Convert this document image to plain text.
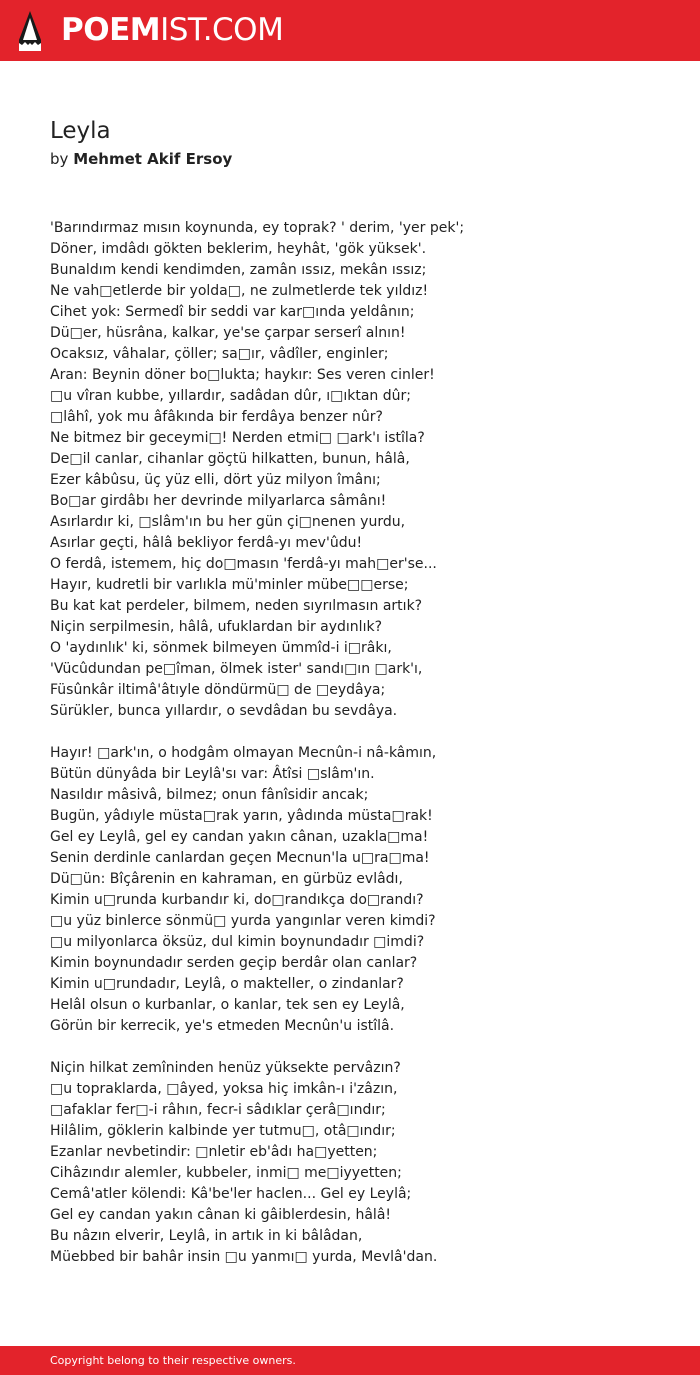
POEMIST.COM
Leyla
by Mehmet Akif Ersoy
'Barındırmaz mısın koynunda, ey toprak? ' derim, 'yer pek';
Döner, imdâdı gökten beklerim, heyhât, 'gök yüksek'.
Bunaldım kendi kendimden, zamân ıssız, mekân ıssız;
Ne vah□etlerde bir yolda□, ne zulmetlerde tek yıldız!
Cihet yok: Sermedî bir seddi var kar□ında yeldânın;
Dü□er, hüsrâna, kalkar, ye'se çarpar serserî alnın!
Ocaksız, vâhalar, çöller; sa□ır, vâdîler, enginler;
Aran: Beynin döner bo□lukta; haykır: Ses veren cinler!
□u vîran kubbe, yıllardır, sadâdan dûr, ı□ıktan dûr;
□lâhî, yok mu âfâkında bir ferdâya benzer nûr?
Ne bitmez bir geceymi□! Nerden etmi□ □ark'ı istîla?
De□il canlar, cihanlar göçtü hilkatten, bunun, hâlâ,
Ezer kâbûsu, üç yüz elli, dört yüz milyon îmânı;
Bo□ar girdâbı her devrinde milyarlarca sâmânı!
Asırlardır ki, □slâm'ın bu her gün çi□nenen yurdu,
Asırlar geçti, hâlâ bekliyor ferdâ-yı mev'ûdu!
O ferdâ, istemem, hiç do□masın 'ferdâ-yı mah□er'se...
Hayır, kudretli bir varlıkla mü'minler mübe□□erse;
Bu kat kat perdeler, bilmem, neden sıyrılmasın artık?
Niçin serpilmesin, hâlâ, ufuklardan bir aydınlık?
O 'aydınlık' ki, sönmek bilmeyen ümmîd-i i□râkı,
'Vücûdundan pe□îman, ölmek ister' sandı□ın □ark'ı,
Füsûnkâr iltimâ'âtıyle döndürmü□ de □eydâya;
Sürükler, bunca yıllardır, o sevdâdan bu sevdâya.
Hayır! □ark'ın, o hodgâm olmayan Mecnûn-i nâ-kâmın,
Bütün dünyâda bir Leylâ'sı var: Âtîsi □slâm'ın.
Nasıldır mâsivâ, bilmez; onun fânîsidir ancak;
Bugün, yâdıyle müsta□rak yarın, yâdında müsta□rak!
Gel ey Leylâ, gel ey candan yakın cânan, uzakla□ma!
Senin derdinle canlardan geçen Mecnun'la u□ra□ma!
Dü□ün: Bîçârenin en kahraman, en gürbüz evlâdı,
Kimin u□runda kurbandır ki, do□randıkça do□randı?
□u yüz binlerce sönmü□ yurda yangınlar veren kimdi?
□u milyonlarca öksüz, dul kimin boynundadır □imdi?
Kimin boynundadır serden geçip berdâr olan canlar?
Kimin u□rundadır, Leylâ, o makteller, o zindanlar?
Helâl olsun o kurbanlar, o kanlar, tek sen ey Leylâ,
Görün bir kerrecik, ye's etmeden Mecnûn'u istîlâ.
Niçin hilkat zemîninden henüz yüksekte pervâzın?
□u topraklarda, □âyed, yoksa hiç imkân-ı i'zâzın,
□afaklar fer□-i râhın, fecr-i sâdıklar çerâ□ındır;
Hilâlim, göklerin kalbinde yer tutmu□, otâ□ındır;
Ezanlar nevbetindir: □nletir eb'âdı ha□yetten;
Cihâzındır alemler, kubbeler, inmi□ me□iyyetten;
Cemâ'atler kölendi: Kâ'be'ler haclen... Gel ey Leylâ;
Gel ey candan yakın cânan ki gâiblerdesin, hâlâ!
Bu nâzın elverir, Leylâ, in artık in ki bâlâdan,
Müebbed bir bahâr insin □u yanmı□ yurda, Mevlâ'dan.
Copyright belong to their respective owners.
